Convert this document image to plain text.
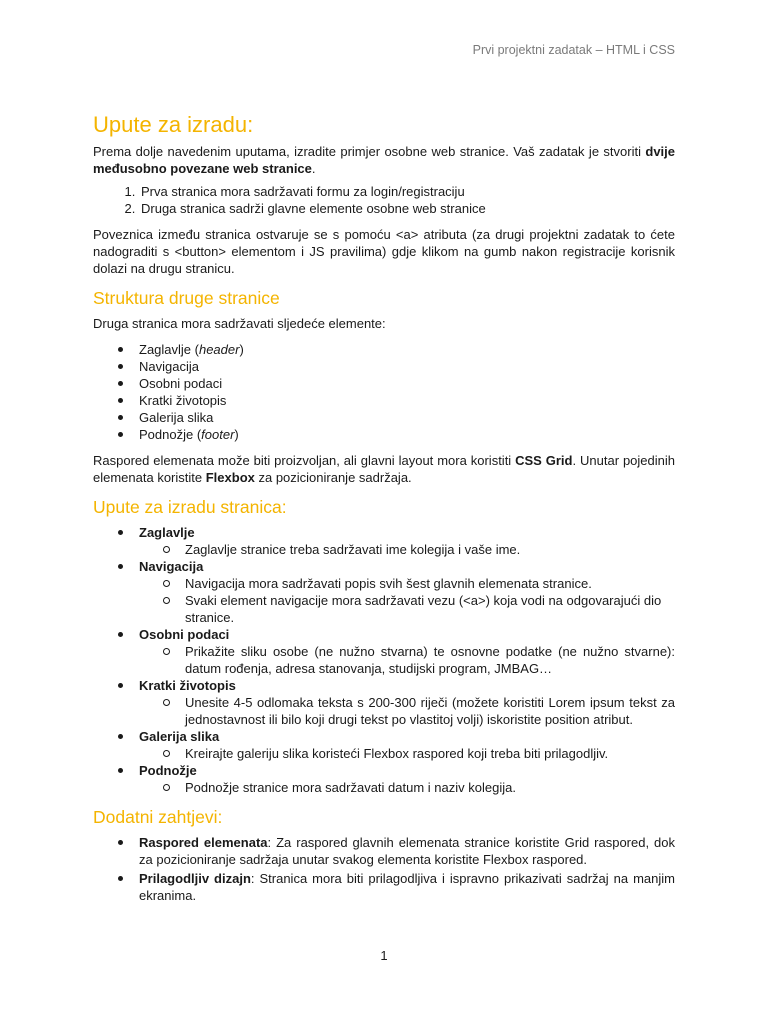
Prvi projektni zadatak – HTML i CSS
Upute za izradu:

Prema dolje navedenim uputama, izradite primjer osobne web stranice. Vaš zadatak je stvoriti dvije međusobno povezane web stranice.

1. Prva stranica mora sadržavati formu za login/registraciju
2. Druga stranica sadrži glavne elemente osobne web stranice

Poveznica između stranica ostvaruje se s pomoću <a> atributa (za drugi projektni zadatak to ćete nadograditi s <button> elementom i JS pravilima) gdje klikom na gumb nakon registracije korisnik dolazi na drugu stranicu.

Struktura druge stranice

Druga stranica mora sadržavati sljedeće elemente:

Zaglavlje (header)
Navigacija
Osobni podaci
Kratki životopis
Galerija slika
Podnožje (footer)

Raspored elemenata može biti proizvoljan, ali glavni layout mora koristiti CSS Grid. Unutar pojedinih elemenata koristite Flexbox za pozicioniranje sadržaja.

Upute za izradu stranica:
Zaglavlje
Zaglavlje stranice treba sadržavati ime kolegija i vaše ime.
Navigacija
Navigacija mora sadržavati popis svih šest glavnih elemenata stranice.
Svaki element navigacije mora sadržavati vezu (<a>) koja vodi na odgovarajući dio stranice.
Osobni podaci
Prikažite sliku osobe (ne nužno stvarna) te osnovne podatke (ne nužno stvarne): datum rođenja, adresa stanovanja, studijski program, JMBAG…
Kratki životopis
Unesite 4-5 odlomaka teksta s 200-300 riječi (možete koristiti Lorem ipsum tekst za jednostavnost ili bilo koji drugi tekst po vlastitoj volji) iskoristite position atribut.
Galerija slika
Kreirajte galeriju slika koristeći Flexbox raspored koji treba biti prilagodljiv.
Podnožje
Podnožje stranice mora sadržavati datum i naziv kolegija.
Dodatni zahtjevi:
Raspored elemenata: Za raspored glavnih elemenata stranice koristite Grid raspored, dok za pozicioniranje sadržaja unutar svakog elementa koristite Flexbox raspored.
Prilagodljiv dizajn: Stranica mora biti prilagodljiva i ispravno prikazivati sadržaj na manjim ekranima.
1
